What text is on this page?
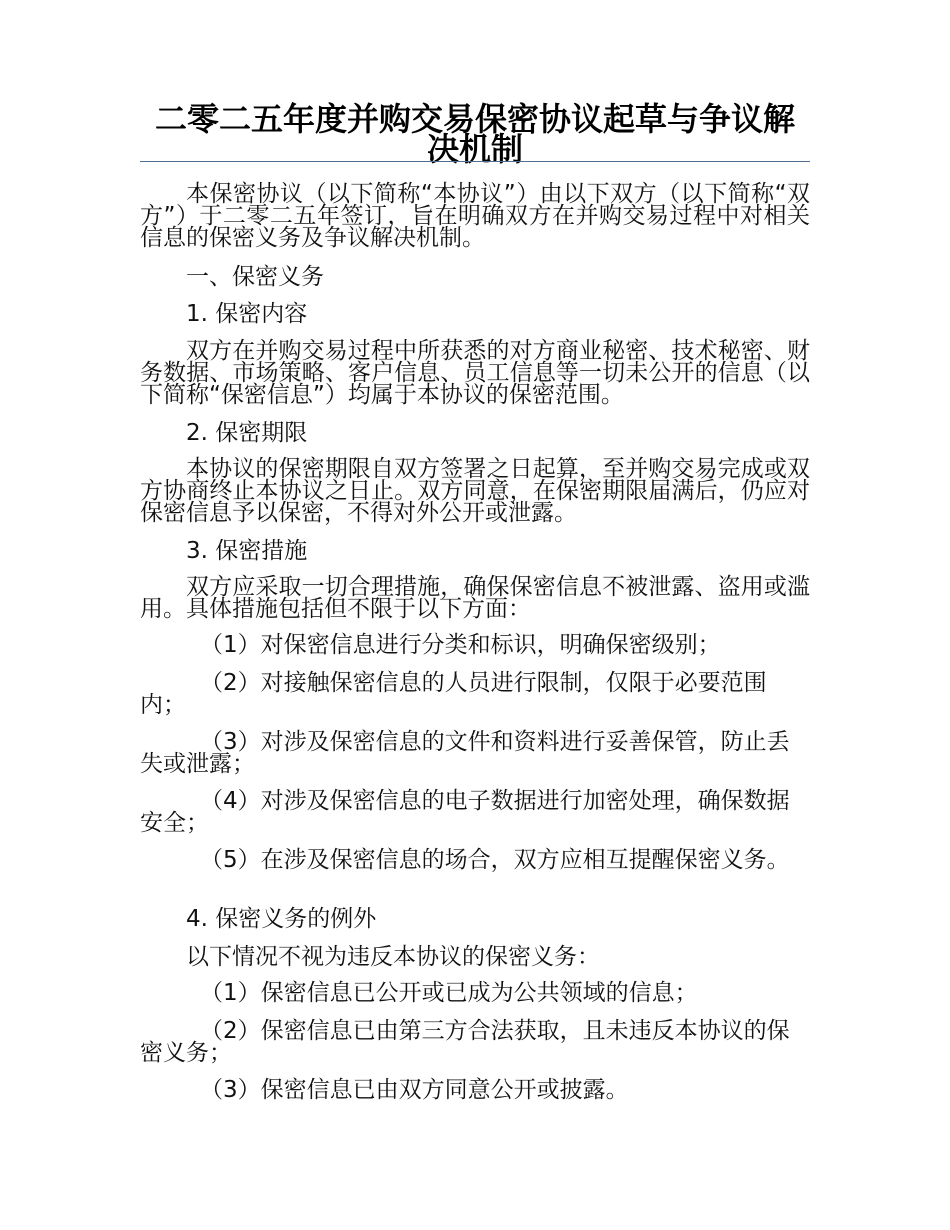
二零二五年度并购交易保密协议起草与争议解决机制

本保密协议（以下简称“本协议”）由以下双方（以下简称“双方”）于二零二五年签订，旨在明确双方在并购交易过程中对相关信息的保密义务及争议解决机制。

一、保密义务
1. 保密内容

双方在并购交易过程中所获悉的对方商业秘密、技术秘密、财务数据、市场策略、客户信息、员工信息等一切未公开的信息（以下简称“保密信息”）均属于本协议的保密范围。

2. 保密期限

本协议的保密期限自双方签署之日起算，至并购交易完成或双方协商终止本协议之日止。双方同意，在保密期限届满后，仍应对保密信息予以保密，不得对外公开或泄露。

3. 保密措施

双方应采取一切合理措施，确保保密信息不被泄露、盗用或滥用。具体措施包括但不限于以下方面：

（1）对保密信息进行分类和标识，明确保密级别；

（2）对接触保密信息的人员进行限制，仅限于必要范围内；

（3）对涉及保密信息的文件和资料进行妥善保管，防止丢失或泄露；

（4）对涉及保密信息的电子数据进行加密处理，确保数据安全；

（5）在涉及保密信息的场合，双方应相互提醒保密义务。

4. 保密义务的例外
以下情况不视为违反本协议的保密义务：

（1）保密信息已公开或已成为公共领域的信息；

（2）保密信息已由第三方合法获取，且未违反本协议的保密义务；

（3）保密信息已由双方同意公开或披露。
